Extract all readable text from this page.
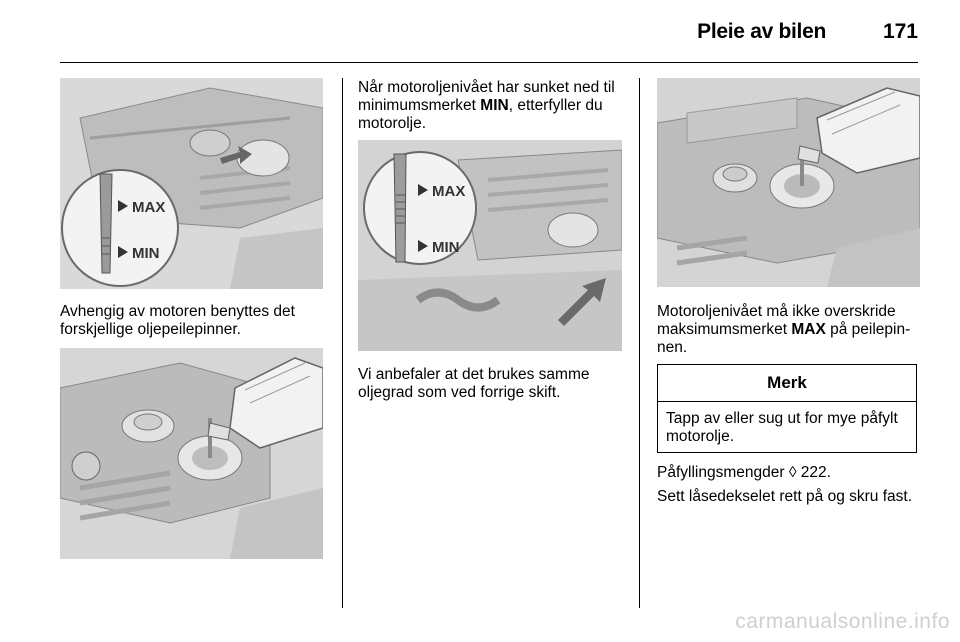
Pleie av bilen	171
MAX
MIN

Avhengig av motoren benyttes det forskjellige oljepeilepinner.

Når motoroljenivået har sunket ned til minimumsmerket MIN, etterfyller du motorolje.

MAX
MIN

Vi anbefaler at det brukes samme oljegrad som ved forrige skift.

Motoroljenivået må ikke overskride maksimumsmerket MAX på peilepinnen.

Merk
Tapp av eller sug ut for mye påfylt motorolje.

Påfyllingsmengder ◊ 222.

Sett låsedekselet rett på og skru fast.

carmanualsonline.info
